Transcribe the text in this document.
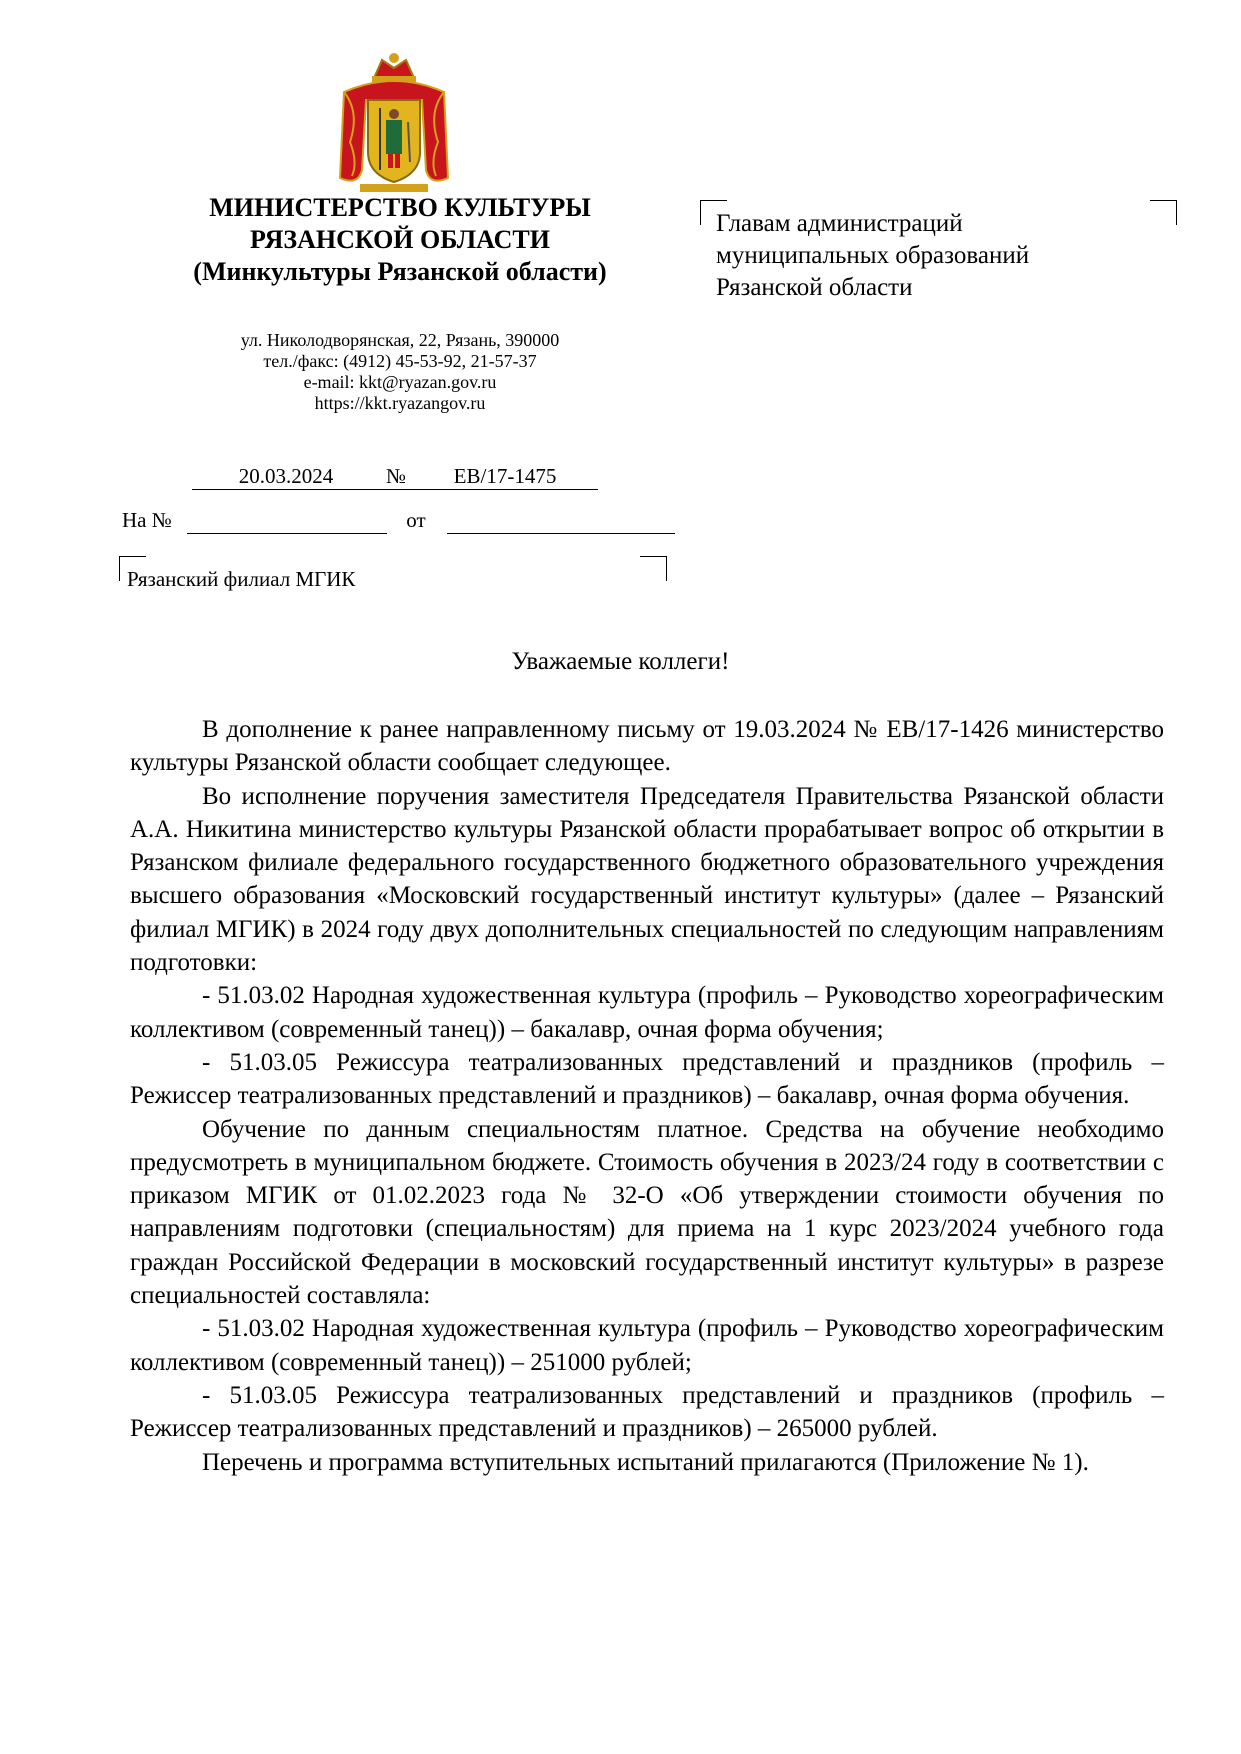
МИНИСТЕРСТВО КУЛЬТУРЫ
РЯЗАНСКОЙ ОБЛАСТИ
(Минкультуры Рязанской области)
ул. Николодворянская, 22, Рязань, 390000
тел./факс: (4912) 45-53-92, 21-57-37
e-mail: kkt@ryazan.gov.ru
https://kkt.ryazangov.ru
Главам администраций
муниципальных образований
Рязанской области
20.03.2024	№ ЕВ/17-1475
На №	от
Рязанский филиал МГИК
Уважаемые коллеги!

В дополнение к ранее направленному письму от 19.03.2024 № ЕВ/17-1426 министерство культуры Рязанской области сообщает следующее.

Во исполнение поручения заместителя Председателя Правительства Рязанской области А.А. Никитина министерство культуры Рязанской области прорабатывает вопрос об открытии в Рязанском филиале федерального государственного бюджетного образовательного учреждения высшего образования «Московский государственный институт культуры» (далее – Рязанский филиал МГИК) в 2024 году двух дополнительных специальностей по следующим направлениям подготовки:

- 51.03.02 Народная художественная культура (профиль – Руководство хореографическим коллективом (современный танец)) – бакалавр, очная форма обучения;

- 51.03.05 Режиссура театрализованных представлений и праздников (профиль – Режиссер театрализованных представлений и праздников) – бакалавр, очная форма обучения.

Обучение по данным специальностям платное. Средства на обучение необходимо предусмотреть в муниципальном бюджете. Стоимость обучения в 2023/24 году в соответствии с приказом МГИК от 01.02.2023 года № 32-О «Об утверждении стоимости обучения по направлениям подготовки (специальностям) для приема на 1 курс 2023/2024 учебного года граждан Российской Федерации в московский государственный институт культуры» в разрезе специальностей составляла:

- 51.03.02 Народная художественная культура (профиль – Руководство хореографическим коллективом (современный танец)) – 251000 рублей;

- 51.03.05 Режиссура театрализованных представлений и праздников (профиль – Режиссер театрализованных представлений и праздников) – 265000 рублей.

Перечень и программа вступительных испытаний прилагаются (Приложение № 1).
